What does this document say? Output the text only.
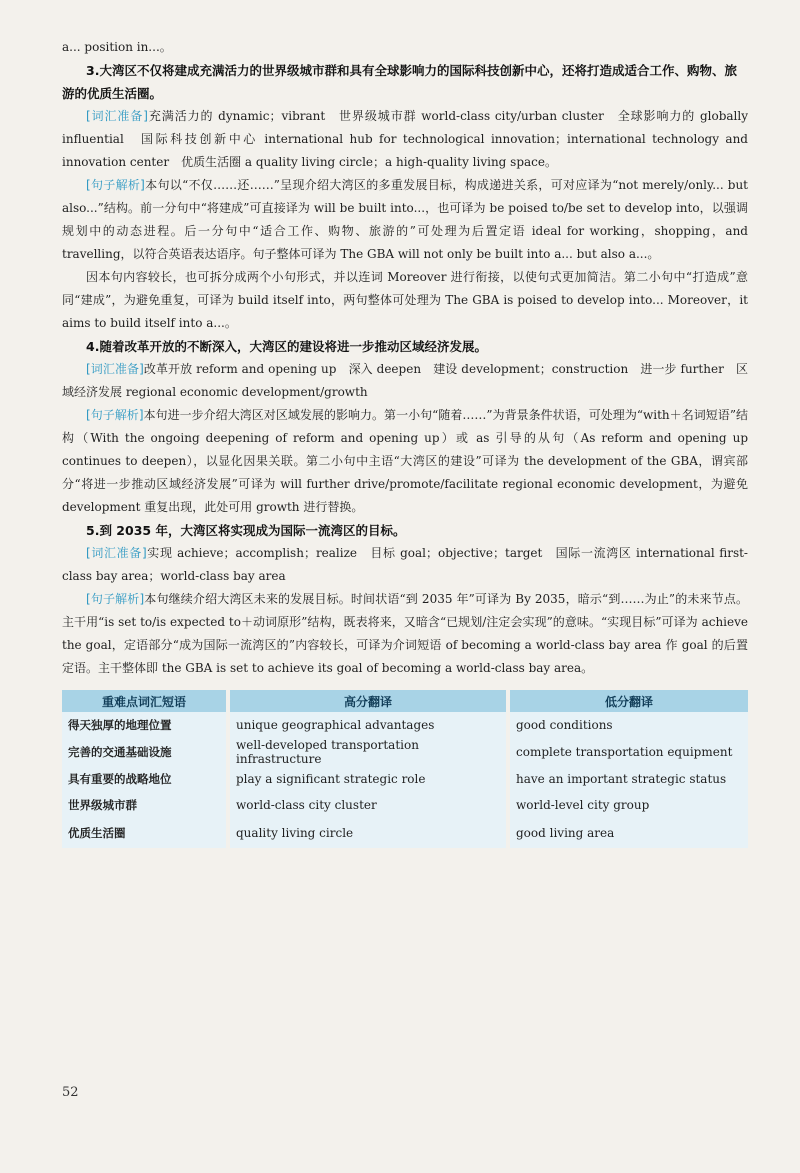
a... position in...。

3.大湾区不仅将建成充满活力的世界级城市群和具有全球影响力的国际科技创新中心，还将打造成适合工作、购物、旅游的优质生活圈。

[词汇准备]充满活力的 dynamic；vibrant　世界级城市群 world-class city/urban cluster　全球影响力的 globally influential　国际科技创新中心 international hub for technological innovation；international technology and innovation center　优质生活圈 a quality living circle；a high-quality living space。

[句子解析]本句以“不仅……还……”呈现介绍大湾区的多重发展目标，构成递进关系，可对应译为“not merely/only... but also...”结构。前一分句中“将建成”可直接译为 will be built into...，也可译为 be poised to/be set to develop into，以强调规划中的动态进程。后一分句中“适合工作、购物、旅游的”可处理为后置定语 ideal for working，shopping，and travelling，以符合英语表达语序。句子整体可译为 The GBA will not only be built into a... but also a...。

因本句内容较长，也可拆分成两个小句形式，并以连词 Moreover 进行衔接，以使句式更加简洁。第二小句中“打造成”意同“建成”，为避免重复，可译为 build itself into，两句整体可处理为 The GBA is poised to develop into... Moreover，it aims to build itself into a...。

4.随着改革开放的不断深入，大湾区的建设将进一步推动区域经济发展。

[词汇准备]改革开放 reform and opening up　深入 deepen　建设 development；construction　进一步 further　区域经济发展 regional economic development/growth

[句子解析]本句进一步介绍大湾区对区域发展的影响力。第一小句“随着……”为背景条件状语，可处理为“with＋名词短语”结构（With the ongoing deepening of reform and opening up）或 as 引导的从句（As reform and opening up continues to deepen），以显化因果关联。第二小句中主语“大湾区的建设”可译为 the development of the GBA，谓宾部分“将进一步推动区域经济发展”可译为 will further drive/promote/facilitate regional economic development，为避免 development 重复出现，此处可用 growth 进行替换。

5.到 2035 年，大湾区将实现成为国际一流湾区的目标。

[词汇准备]实现 achieve；accomplish；realize　目标 goal；objective；target　国际一流湾区 international first-class bay area；world-class bay area

[句子解析]本句继续介绍大湾区未来的发展目标。时间状语“到 2035 年”可译为 By 2035，暗示“到……为止”的未来节点。主干用“is set to/is expected to＋动词原形”结构，既表将来，又暗含“已规划/注定会实现”的意味。“实现目标”可译为 achieve the goal，定语部分“成为国际一流湾区的”内容较长，可译为介词短语 of becoming a world-class bay area 作 goal 的后置定语。主干整体即 the GBA is set to achieve its goal of becoming a world-class bay area。

重难点词汇短语	高分翻译	低分翻译
得天独厚的地理位置	unique geographical advantages	good conditions
完善的交通基础设施	well-developed transportation infrastructure	complete transportation equipment
具有重要的战略地位	play a significant strategic role	have an important strategic status
世界级城市群	world-class city cluster	world-level city group
优质生活圈	quality living circle	good living area
52
